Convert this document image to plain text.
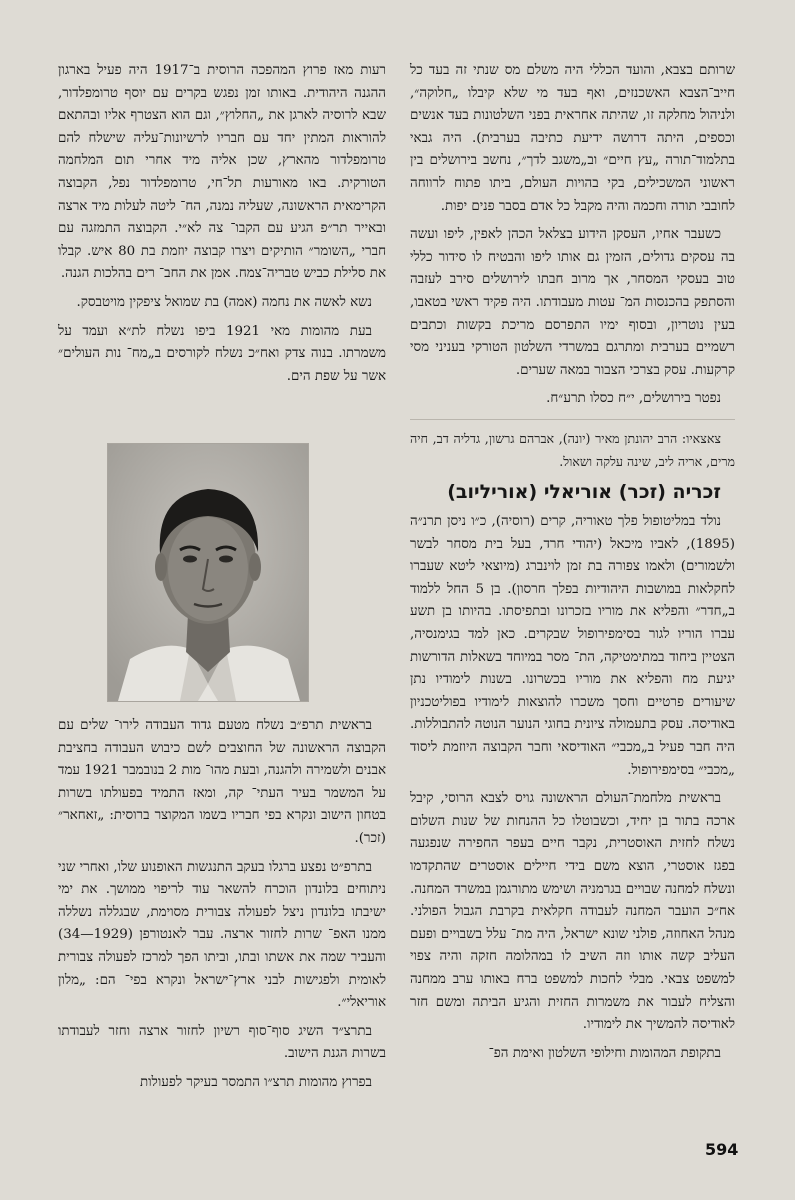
שרותם בצבא, והועד הכללי היה משלם מס שנתי זה בעד כל חייב־הצבא האשכנזים, ואף בעד מי שלא קיבלו „חלוקה״, ולניהול מחלקה זו, שהיתה אחראית בפני השלטונות בעד אנשים וכספים, היתה דרושה ידיעת כתיבה בערבית). היה גבאי בתלמוד־תורה „עץ חיים״ וב„משגב לדך״, נחשב בירושלים בין ראשוני המשכילים, בקי בהויות העולם, ביתו פתוח לרווחה לחובבי תורה וחכמה והיה מקבל כל אדם בסבר פנים יפות.

כשעבר אחיו, העסקן הידוע בצלאל הכהן לאפין, ליפו ועשה בה עסקים גדולים, הזמין גם אותו ליפו והבטיח לו סידור כללי טוב בעסקי המסחר, אך מרוב חבתו לירושלים סירב לעזבה והסתפק בהכנסות המ־ עטות מעבודתו. היה פקיד ראשי בטאבו, בעין נוטריון, ובסוף ימיו התפרסם מריכת בקשות וכתבים רשמיים בערבית ומתרגם במשרדי השלטון הטורקי בעניני מסי קרקעות. עסק בצרכי הצבור במאה שערים.

נפטר בירושלים, י״ח כסלו תרע״ח.

צאצאיו: הרב יהונתן מאיר (יונה), אברהם גרשון, גדליה דב, חיה מרים, אריה ליב, שינה עלקה ושאול.

זכריה (זכר) אוריאלי (אוריליוב)

נולד במליטופול פלך טאוריה, קרים (רוסיה), כ״ו ניסן תרנ״ה (1895), לאביו מיכאל (יהודי חרד, בעל בית מסחר לבשר ולשמורים) ולאמו צפורה בת זמן לוינברג (מיוצאי ליטא שעברו לחקלאות במושבות היהודיות בפלך חרסון). בן 5 החל ללמוד ב„חדר״ והפליא את מוריו בזכרונו ובתפיסתו. בהיותו בן תשע עברו הוריו לגור בסימפירופול שבקרים. כאן למד בגימנסיה, הצטיין ביחוד במתימטיקה, הת־ מסר במיוחד בשאלות הדורשות יגיעת מח והפליא את מוריו בכשרונו. בשנות לימודיו נתן שיעורים פרטיים וחסך משכרו להוצאות לימודיו בפוליטכניון באודיסה. עסק בתעמולה ציונית בחוגי הנוער הנוטה להתבוללות. היה חבר פעיל ב„מכבי״ האודיסאי וחבר הקבוצה היוזמת ליסוד „מכבי״ בסימפירופול.

בראשית מלחמת־העולם הראשונה גויס לצבא הרוסי, קיבל ארכה בתור בן יחיד, וכשבוטלו כל ההנחות של שנות השלום נשלח לחזית האוסטרית, נקבר חיים בעפר החפירה שנפגעה בפגז אוסטרי, הוצא משם בידי חיילים אוסטרים שהתקדמו ונשלח למחנה שבויים בגרמניה ושימש מתורגמן במשרד המחנה. אח״כ הועבר המחנה לעבודה חקלאית בקרבת הגבול הפולני. מנהל האחוזה, פולני שונא ישראל, היה מת־ עלל בשבויים ופעם העליב קשה אותו וזה השיב לו במהלומה חזקה והיה צפוי למשפט צבאי. מבלי לחכות למשפט ברח באותו ערב ממחנה והצליח לעבור את משמרות החזית והגיע הביתה ומשם חזר לאודיסה להמשיך את לימודיו.

בתקופת המהומות וחילופי השלטון ואימת הפ־

רעות מאז פרוץ המהפכה הרוסית ב־1917 היה פעיל בארגון ההגנה היהודית. באותו זמן נפגש בקרים עם יוסף טרומפלדור, שבא לרוסיה לארגן את „החלוץ״, וגם הוא הצטרף אליו ובהתאם להוראות המתין יחד עם חבריו לרשיונות־עליה שישלח להם טרומפלדור מהארץ, שכן אליה מיד אחרי תום המלחמה הטורקית. באו מאורעות תל־חי, טרומפלדור נפל, הקבוצה הקרימאית הראשונה, שעליה נמנה, הח־ ליטה לעלות מיד ארצה ובאייר תר״פ הגיע עם הקבו־ צה לא״י. הקבוצה התמזגה עם חברי „השומר״ הותיקים ויצרו קבוצה יוזמת בת 80 איש. קבלו את סלילת כביש טבריה־צמח. אמן את החב־ רים בהלכות הגנה.

נשא לאשה את נחמה (אמה) בת שמואל ציפקין מויטבסק.

בעת מהומות מאי 1921 ביפו נשלח לת״א ועמד על משמרתו. בנוה צדק ואח״כ נשלח לקורסים ב„מח־ נות העולים״ אשר על שפת הים.

בראשית תרפ״ב נשלח מטעם גדוד העבודה לירו־ שלים עם הקבוצה הראשונה של החוצבים לשם כיבוש העבודה בחציבת אבנים ולשמירה ולהגנה, ובעת מהו־ מות 2 בנובמבר 1921 עמד על המשמר בעיר העתי־ קה, ומאז התמיד בפעולתו בשרות בטחון הישוב ונקרא בפי חבריו בשמו המקוצר ברוסית: „זאחאר״ (זכר).

בתרפ״ט נפצע ברגלו בעקב התנגשות האופנוע שלו, ואחרי שני ניתוחים בלונדון הוכרח להשאר עוד לריפוי ממושך. את ימי ישיבתו בלונדון ניצל לפעולה צבורית מסוימת, שבגללה נשללה ממנו האפ־ שרות לחזור ארצה. עבר לאנטורפן (1929—34) והעביר שמה את אשתו ובתו, וביתו הפך למרכז לפעולה צבורית לאומית ולפגישות לבני ארץ־ישראל ונקרא בפי־ הם: „מלון אוריאלי״.

בתרצ״ד השיג סוף־סוף רשיון לחזור ארצה וחזר לעבודתו בשרות הגנת הישוב.

בפרוץ מהומות תרצ״ו התמסר בעיקר לפעולות

594
